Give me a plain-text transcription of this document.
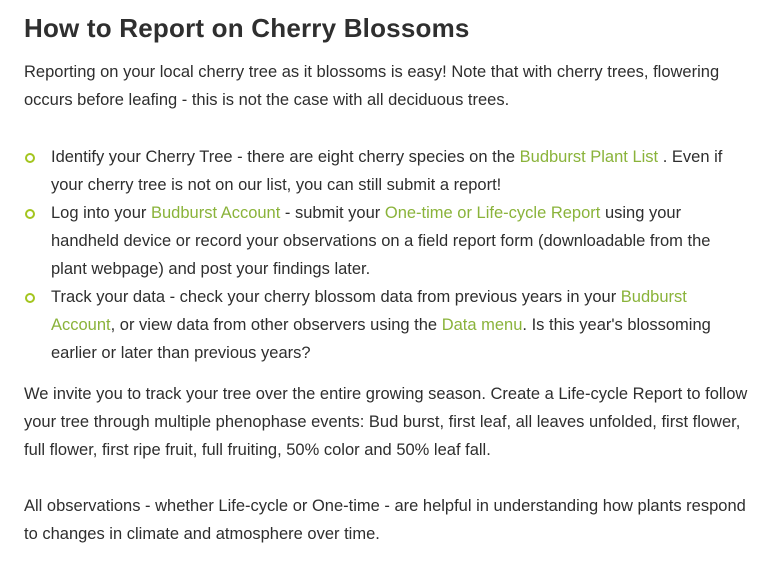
How to Report on Cherry Blossoms

Reporting on your local cherry tree as it blossoms is easy! Note that with cherry trees, flowering occurs before leafing - this is not the case with all deciduous trees.

Identify your Cherry Tree - there are eight cherry species on the Budburst Plant List . Even if your cherry tree is not on our list, you can still submit a report!
Log into your Budburst Account - submit your One-time or Life-cycle Report using your handheld device or record your observations on a field report form (downloadable from the plant webpage) and post your findings later.
Track your data - check your cherry blossom data from previous years in your Budburst Account, or view data from other observers using the Data menu. Is this year's blossoming earlier or later than previous years?

We invite you to track your tree over the entire growing season. Create a Life-cycle Report to follow your tree through multiple phenophase events: Bud burst, first leaf, all leaves unfolded, first flower, full flower, first ripe fruit, full fruiting, 50% color and 50% leaf fall.

All observations - whether Life-cycle or One-time - are helpful in understanding how plants respond to changes in climate and atmosphere over time.
